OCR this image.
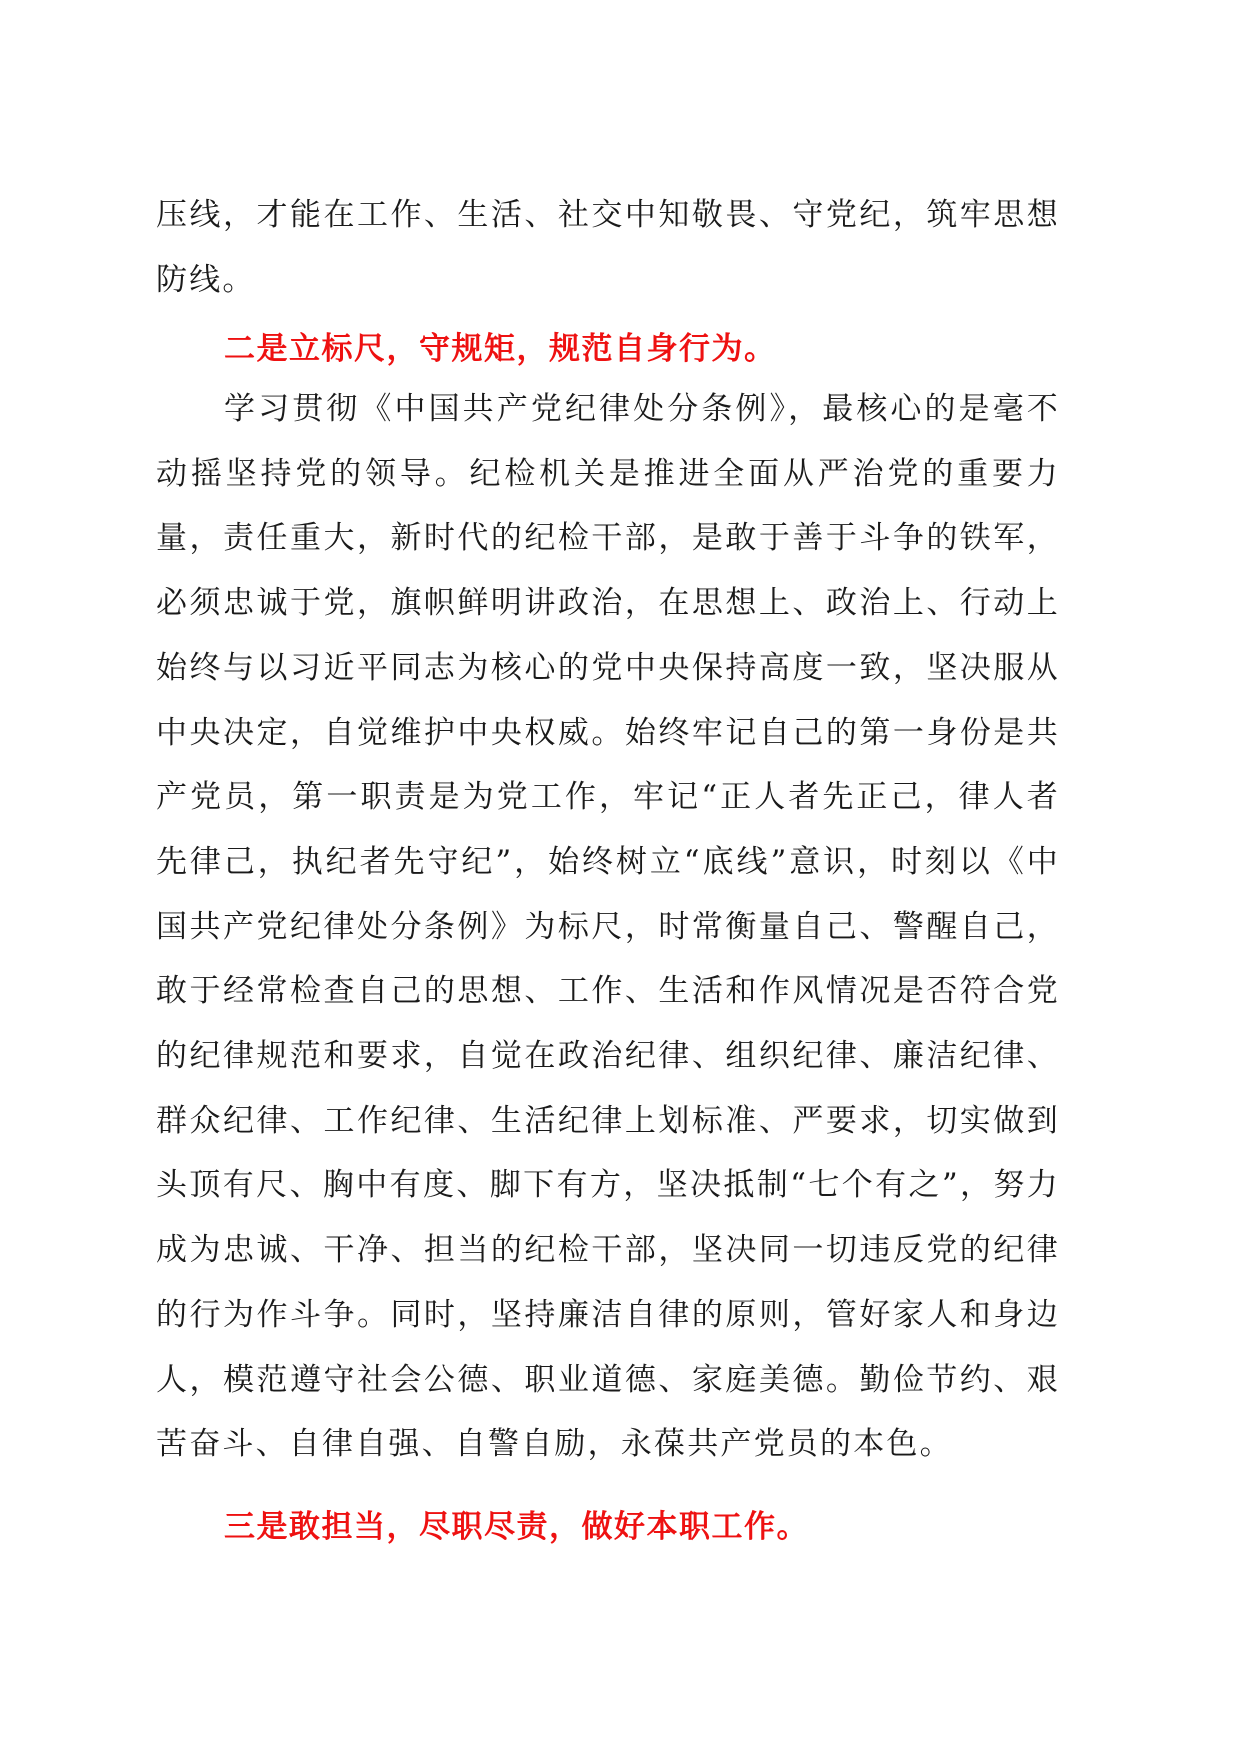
压线，才能在工作、生活、社交中知敬畏、守党纪，筑牢思想防线。

二是立标尺，守规矩，规范自身行为。

学习贯彻《中国共产党纪律处分条例》，最核心的是毫不动摇坚持党的领导。纪检机关是推进全面从严治党的重要力量，责任重大，新时代的纪检干部，是敢于善于斗争的铁军，必须忠诚于党，旗帜鲜明讲政治，在思想上、政治上、行动上始终与以习近平同志为核心的党中央保持高度一致，坚决服从中央决定，自觉维护中央权威。始终牢记自己的第一身份是共产党员，第一职责是为党工作，牢记“正人者先正己，律人者先律己，执纪者先守纪”，始终树立“底线”意识，时刻以《中国共产党纪律处分条例》为标尺，时常衡量自己、警醒自己，敢于经常检查自己的思想、工作、生活和作风情况是否符合党的纪律规范和要求，自觉在政治纪律、组织纪律、廉洁纪律、群众纪律、工作纪律、生活纪律上划标准、严要求，切实做到头顶有尺、胸中有度、脚下有方，坚决抵制“七个有之”，努力成为忠诚、干净、担当的纪检干部，坚决同一切违反党的纪律的行为作斗争。同时，坚持廉洁自律的原则，管好家人和身边人，模范遵守社会公德、职业道德、家庭美德。勤俭节约、艰苦奋斗、自律自强、自警自励，永葆共产党员的本色。

三是敢担当，尽职尽责，做好本职工作。
